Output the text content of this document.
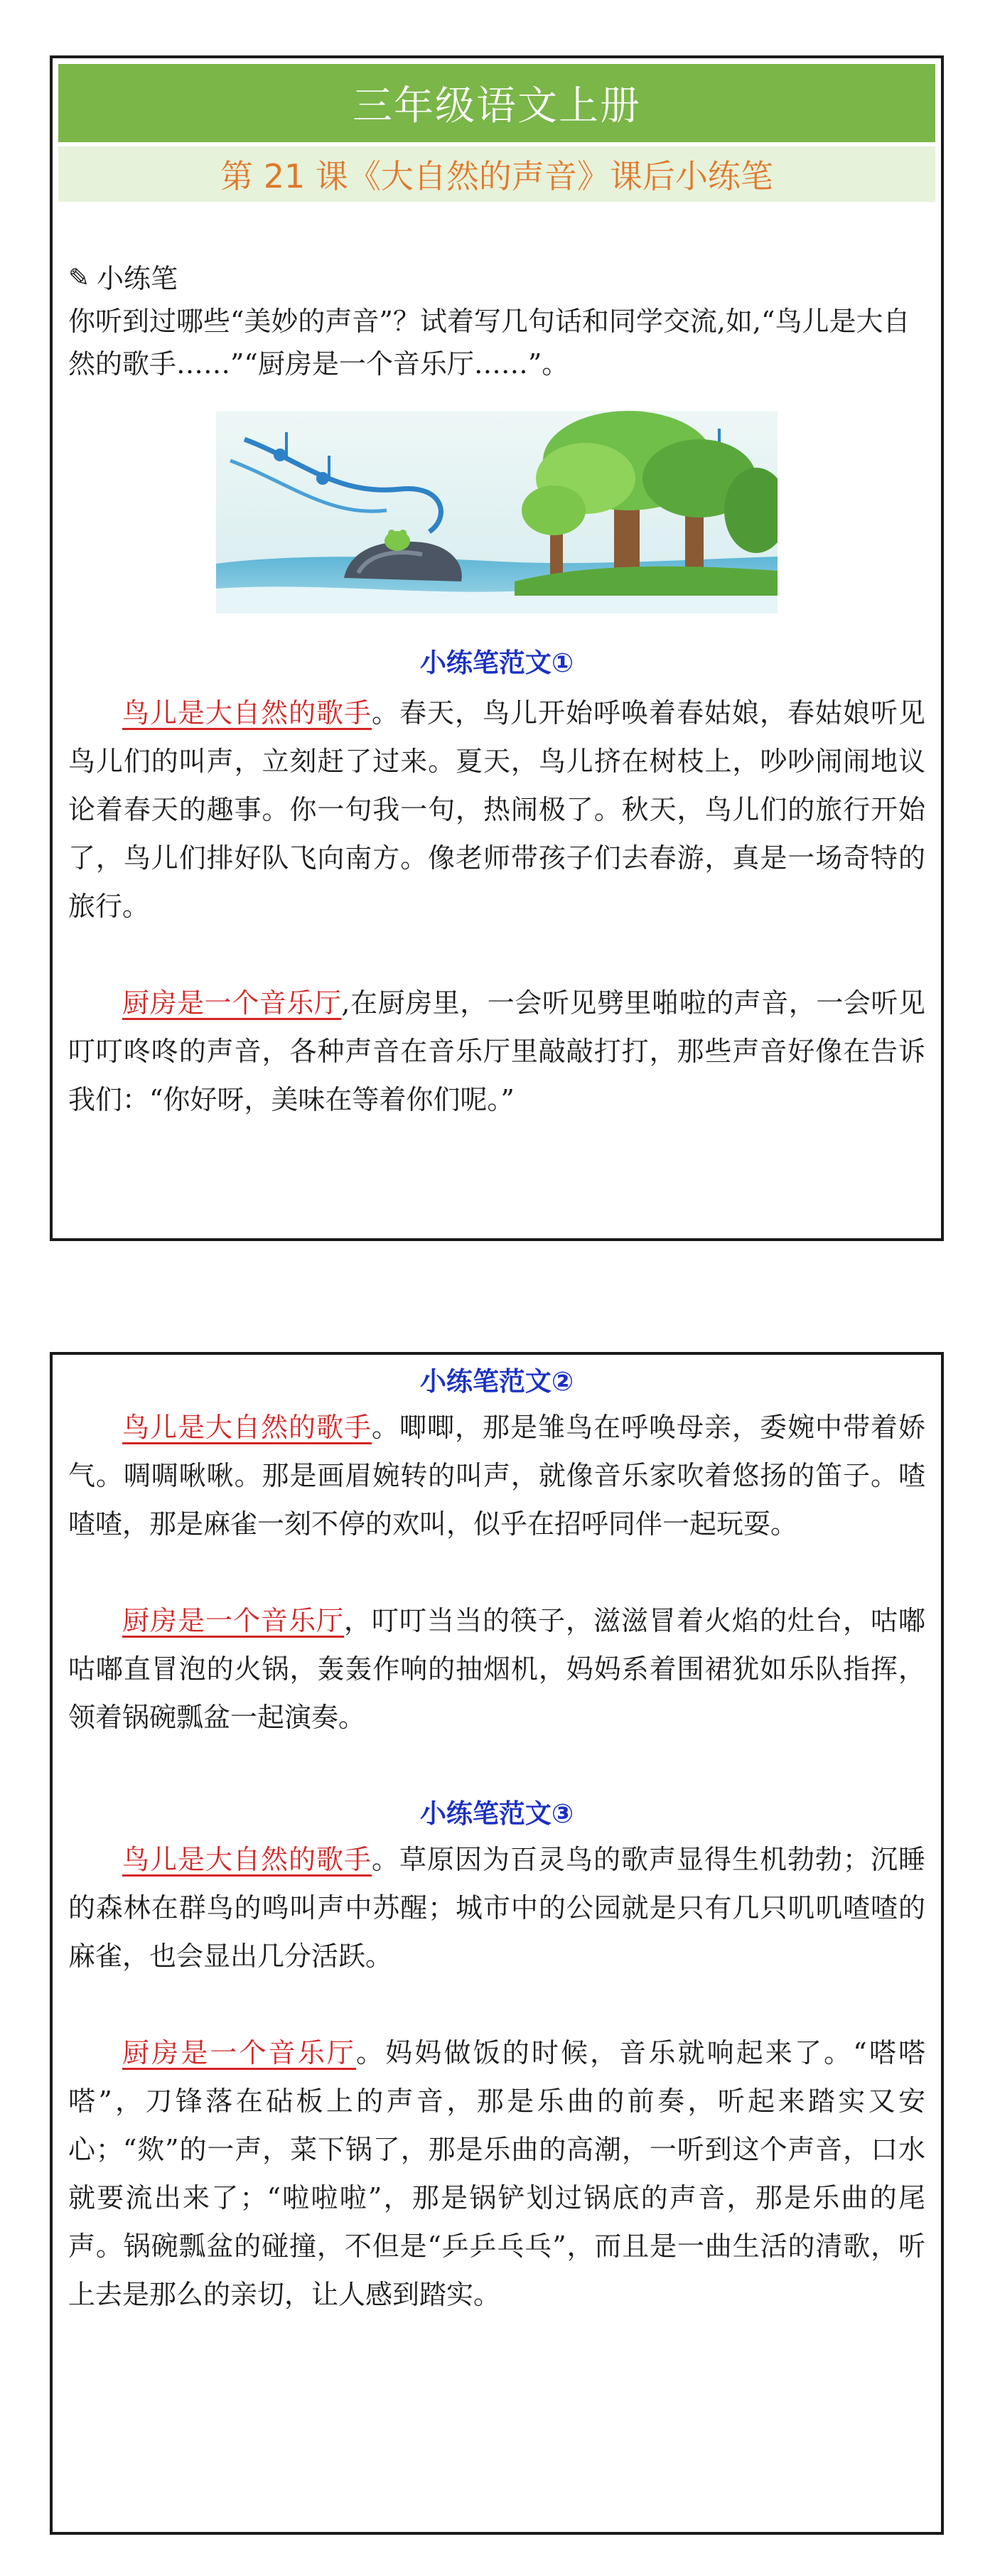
三年级语文上册
第 21 课《大自然的声音》课后小练笔
✎ 小练笔
你听到过哪些“美妙的声音”？试着写几句话和同学交流,如,“鸟儿是大自然的歌手……”“厨房是一个音乐厅……”。
小练笔范文①

鸟儿是大自然的歌手。春天，鸟儿开始呼唤着春姑娘，春姑娘听见鸟儿们的叫声，立刻赶了过来。夏天，鸟儿挤在树枝上，吵吵闹闹地议论着春天的趣事。你一句我一句，热闹极了。秋天，鸟儿们的旅行开始了，鸟儿们排好队飞向南方。像老师带孩子们去春游，真是一场奇特的旅行。

厨房是一个音乐厅,在厨房里，一会听见劈里啪啦的声音，一会听见叮叮咚咚的声音，各种声音在音乐厅里敲敲打打，那些声音好像在告诉我们：“你好呀，美味在等着你们呢。”

小练笔范文②

鸟儿是大自然的歌手。唧唧，那是雏鸟在呼唤母亲，委婉中带着娇气。啁啁啾啾。那是画眉婉转的叫声，就像音乐家吹着悠扬的笛子。喳喳喳，那是麻雀一刻不停的欢叫，似乎在招呼同伴一起玩耍。

厨房是一个音乐厅，叮叮当当的筷子，滋滋冒着火焰的灶台，咕嘟咕嘟直冒泡的火锅，轰轰作响的抽烟机，妈妈系着围裙犹如乐队指挥，领着锅碗瓢盆一起演奏。

小练笔范文③

鸟儿是大自然的歌手。草原因为百灵鸟的歌声显得生机勃勃；沉睡的森林在群鸟的鸣叫声中苏醒；城市中的公园就是只有几只叽叽喳喳的麻雀，也会显出几分活跃。

厨房是一个音乐厅。妈妈做饭的时候，音乐就响起来了。“嗒嗒嗒”，刀锋落在砧板上的声音，那是乐曲的前奏，听起来踏实又安心；“欻”的一声，菜下锅了，那是乐曲的高潮，一听到这个声音，口水就要流出来了；“啦啦啦”，那是锅铲划过锅底的声音，那是乐曲的尾声。锅碗瓢盆的碰撞，不但是“乒乒乓乓”，而且是一曲生活的清歌，听上去是那么的亲切，让人感到踏实。
